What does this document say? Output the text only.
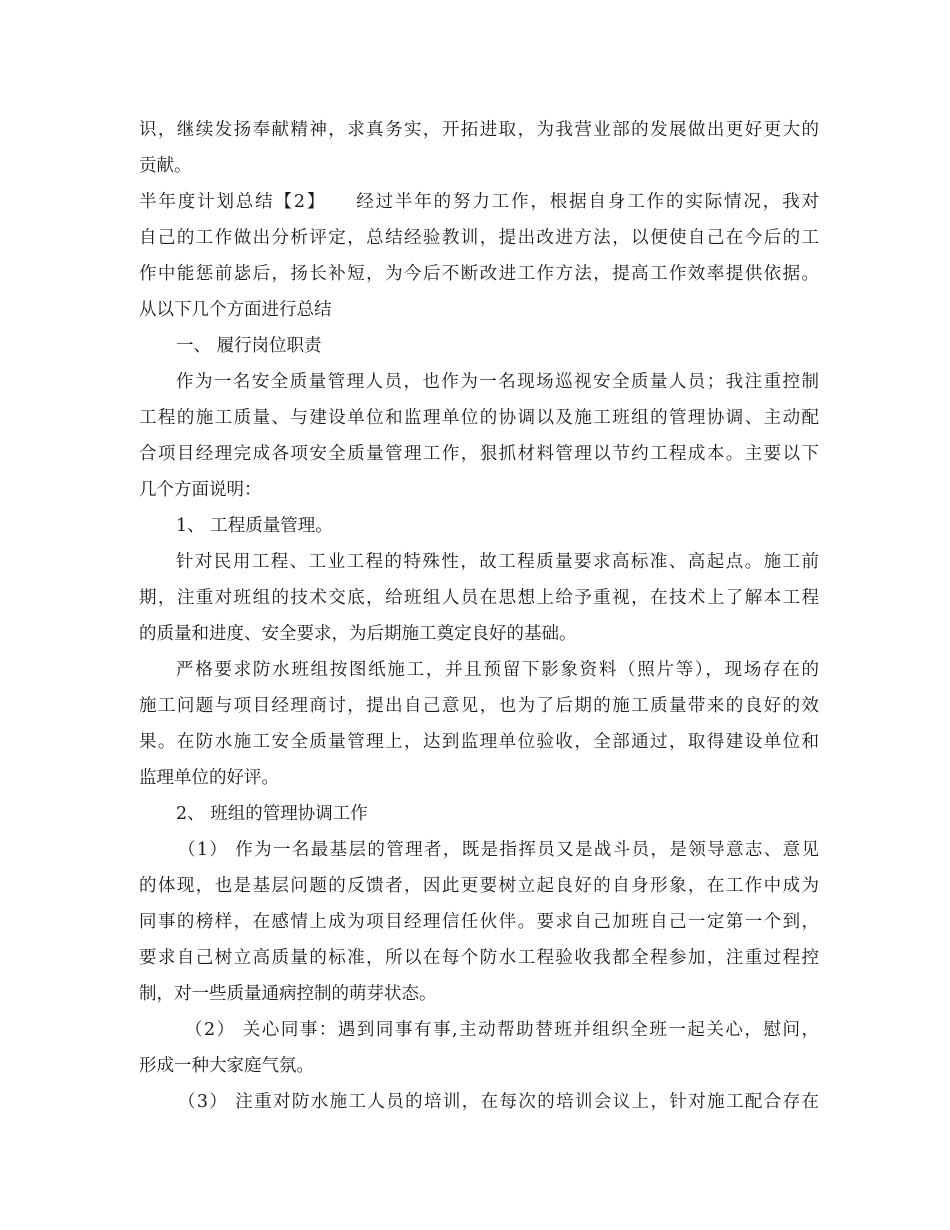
识，继续发扬奉献精神，求真务实，开拓进取，为我营业部的发展做出更好更大的
贡献。
半年度计划总结【2】　　经过半年的努力工作，根据自身工作的实际情况，我对
自己的工作做出分析评定，总结经验教训，提出改进方法，以便使自己在今后的工
作中能惩前毖后，扬长补短，为今后不断改进工作方法，提高工作效率提供依据。
从以下几个方面进行总结
一、 履行岗位职责
作为一名安全质量管理人员，也作为一名现场巡视安全质量人员；我注重控制
工程的施工质量、与建设单位和监理单位的协调以及施工班组的管理协调、主动配
合项目经理完成各项安全质量管理工作，狠抓材料管理以节约工程成本。主要以下
几个方面说明：
1、 工程质量管理。
针对民用工程、工业工程的特殊性，故工程质量要求高标准、高起点。施工前
期，注重对班组的技术交底，给班组人员在思想上给予重视，在技术上了解本工程
的质量和进度、安全要求，为后期施工奠定良好的基础。
严格要求防水班组按图纸施工，并且预留下影象资料（照片等），现场存在的
施工问题与项目经理商讨，提出自己意见，也为了后期的施工质量带来的良好的效
果。在防水施工安全质量管理上，达到监理单位验收，全部通过，取得建设单位和
监理单位的好评。
2、 班组的管理协调工作
（1） 作为一名最基层的管理者，既是指挥员又是战斗员，是领导意志、意见
的体现，也是基层问题的反馈者，因此更要树立起良好的自身形象，在工作中成为
同事的榜样，在感情上成为项目经理信任伙伴。要求自己加班自己一定第一个到，
要求自己树立高质量的标准，所以在每个防水工程验收我都全程参加，注重过程控
制，对一些质量通病控制的萌芽状态。
（2） 关心同事：遇到同事有事,主动帮助替班并组织全班一起关心，慰问，
形成一种大家庭气氛。
（3） 注重对防水施工人员的培训，在每次的培训会议上，针对施工配合存在
